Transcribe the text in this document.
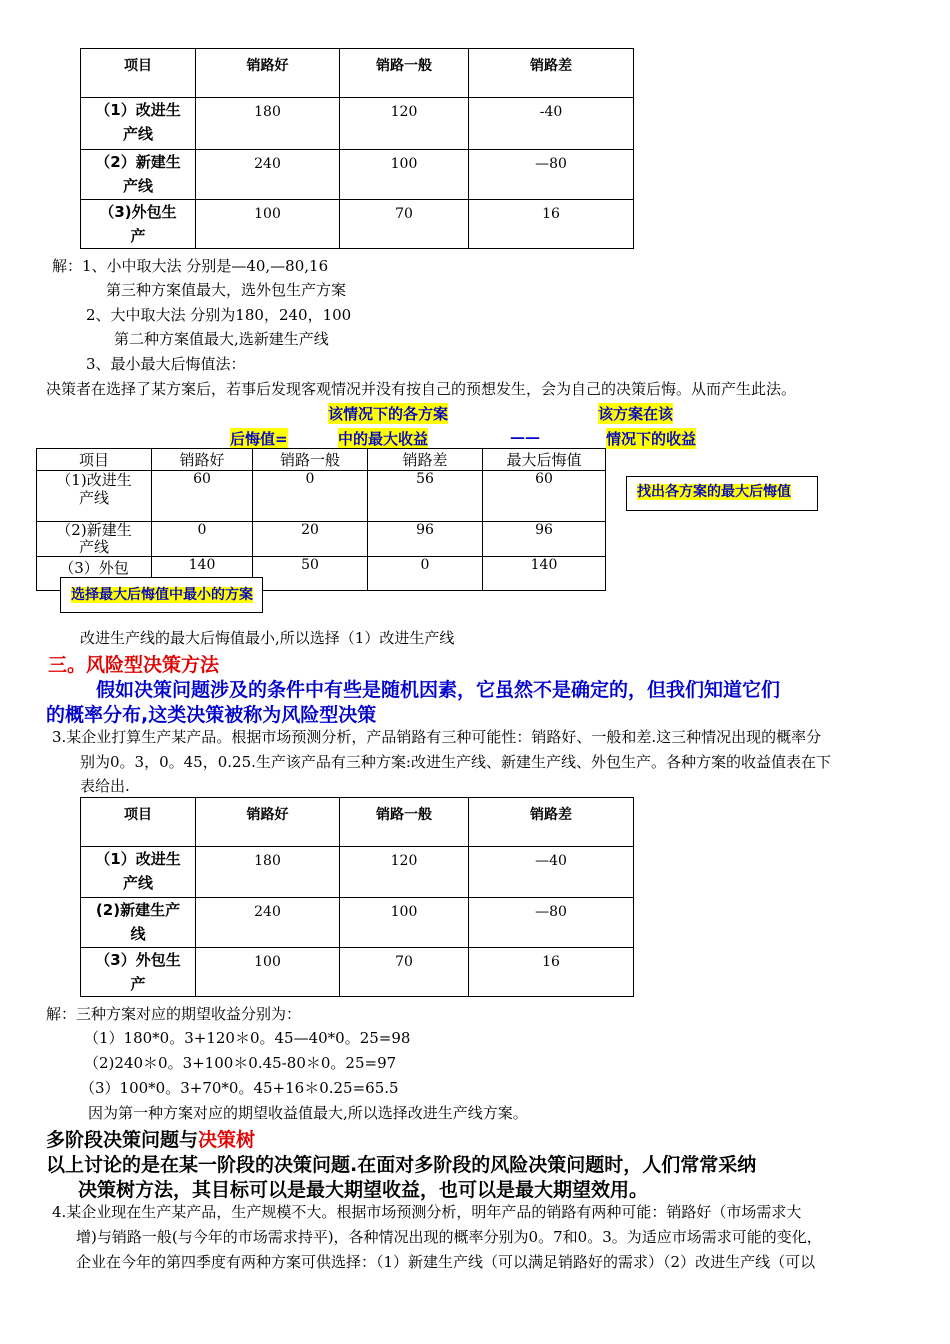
项目	销路好	销路一般	销路差
（1）改进生
产线	180	120	-40
（2）新建生
产线	240	100	—80
（3)外包生
产	100	70	16
解：1、小中取大法 分别是—40,—80,16
第三种方案值最大，选外包生产方案
2、大中取大法 分别为180，240，100
第二种方案值最大,选新建生产线
3、最小最大后悔值法：
决策者在选择了某方案后，若事后发现客观情况并没有按自己的预想发生，会为自己的决策后悔。从而产生此法。
该情况下的各方案	该方案在该
后悔值=	中的最大收益	——	情况下的收益
项目	销路好	销路一般	销路差	最大后悔值
（1)改进生
产线	60	0	56	60
（2)新建生
产线	0	20	96	96
（3）外包	140	50	0	140
找出各方案的最大后悔值
选择最大后悔值中最小的方案
改进生产线的最大后悔值最小,所以选择（1）改进生产线
三。风险型决策方法
假如决策问题涉及的条件中有些是随机因素，它虽然不是确定的，但我们知道它们
的概率分布,这类决策被称为风险型决策
3.某企业打算生产某产品。根据市场预测分析，产品销路有三种可能性：销路好、一般和差.这三种情况出现的概率分
别为0。3，0。45，0.25.生产该产品有三种方案:改进生产线、新建生产线、外包生产。各种方案的收益值表在下
表给出.
项目	销路好	销路一般	销路差
（1）改进生
产线	180	120	—40
(2)新建生产
线	240	100	—80
（3）外包生
产	100	70	16
解：三种方案对应的期望收益分别为：
（1）180*0。3+120＊0。45—40*0。25=98
（2)240＊0。3+100＊0.45-80＊0。25=97
（3）100*0。3+70*0。45+16＊0.25=65.5
因为第一种方案对应的期望收益值最大,所以选择改进生产线方案。
多阶段决策问题与决策树
以上讨论的是在某一阶段的决策问题.在面对多阶段的风险决策问题时，人们常常采纳
决策树方法，其目标可以是最大期望收益，也可以是最大期望效用。
4.某企业现在生产某产品，生产规模不大。根据市场预测分析，明年产品的销路有两种可能：销路好（市场需求大
增)与销路一般(与今年的市场需求持平)，各种情况出现的概率分别为0。7和0。3。为适应市场需求可能的变化，
企业在今年的第四季度有两种方案可供选择：（1）新建生产线（可以满足销路好的需求）（2）改进生产线（可以
